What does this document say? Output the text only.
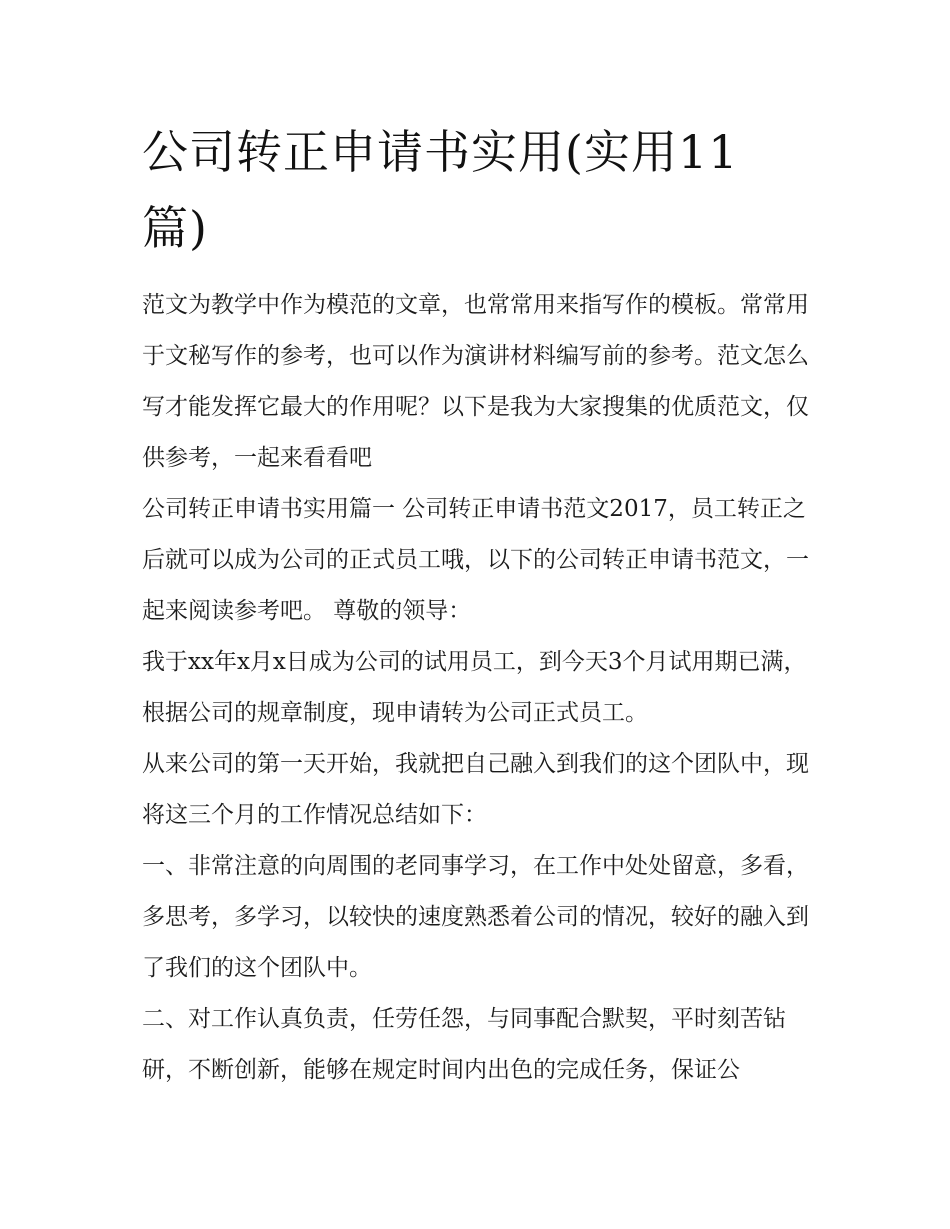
公司转正申请书实用(实用11篇)

范文为教学中作为模范的文章，也常常用来指写作的模板。常常用于文秘写作的参考，也可以作为演讲材料编写前的参考。范文怎么写才能发挥它最大的作用呢？以下是我为大家搜集的优质范文，仅供参考，一起来看看吧

公司转正申请书实用篇一 公司转正申请书范文2017，员工转正之后就可以成为公司的正式员工哦，以下的公司转正申请书范文，一起来阅读参考吧。 尊敬的领导：

我于xx年x月x日成为公司的试用员工，到今天3个月试用期已满，根据公司的规章制度，现申请转为公司正式员工。

从来公司的第一天开始，我就把自己融入到我们的这个团队中，现将这三个月的工作情况总结如下：

一、非常注意的向周围的老同事学习，在工作中处处留意，多看，多思考，多学习，以较快的速度熟悉着公司的情况，较好的融入到了我们的这个团队中。

二、对工作认真负责，任劳任怨，与同事配合默契，平时刻苦钻研，不断创新，能够在规定时间内出色的完成任务，保证公
